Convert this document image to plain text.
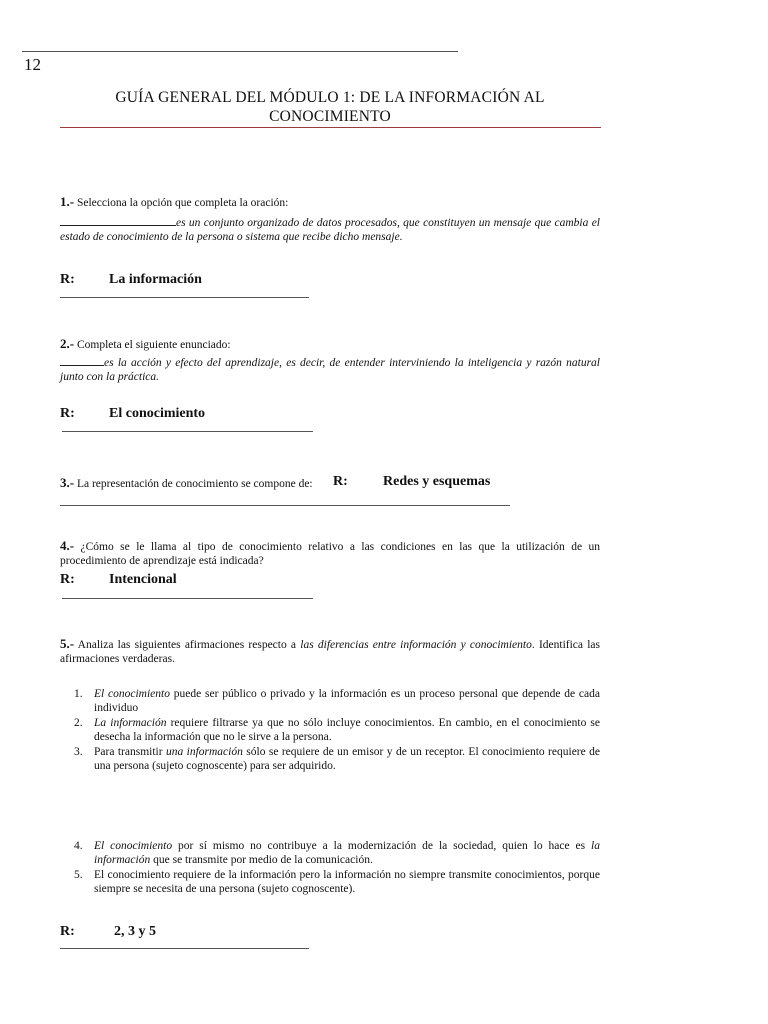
12
GUÍA GENERAL DEL MÓDULO 1: DE LA INFORMACIÓN AL
CONOCIMIENTO
1.- Selecciona la opción que completa la oración:
es un conjunto organizado de datos procesados, que constituyen un mensaje que cambia el estado de conocimiento de la persona o sistema que recibe dicho mensaje.
R: La información
2.- Completa el siguiente enunciado:
es la acción y efecto del aprendizaje, es decir, de entender interviniendo la inteligencia y razón natural junto con la práctica.
R: El conocimiento
3.- La representación de conocimiento se compone de:	R:	Redes y esquemas
4.- ¿Cómo se le llama al tipo de conocimiento relativo a las condiciones en las que la utilización de un procedimiento de aprendizaje está indicada?
R: Intencional
5.- Analiza las siguientes afirmaciones respecto a las diferencias entre información y conocimiento. Identifica las afirmaciones verdaderas.
1. El conocimiento puede ser público o privado y la información es un proceso personal que depende de cada individuo
2. La información requiere filtrarse ya que no sólo incluye conocimientos. En cambio, en el conocimiento se desecha la información que no le sirve a la persona.
3. Para transmitir una información sólo se requiere de un emisor y de un receptor. El conocimiento requiere de una persona (sujeto cognoscente) para ser adquirido.
4. El conocimiento por sí mismo no contribuye a la modernización de la sociedad, quien lo hace es la información que se transmite por medio de la comunicación.
5. El conocimiento requiere de la información pero la información no siempre transmite conocimientos, porque siempre se necesita de una persona (sujeto cognoscente).
R:	2, 3 y 5
